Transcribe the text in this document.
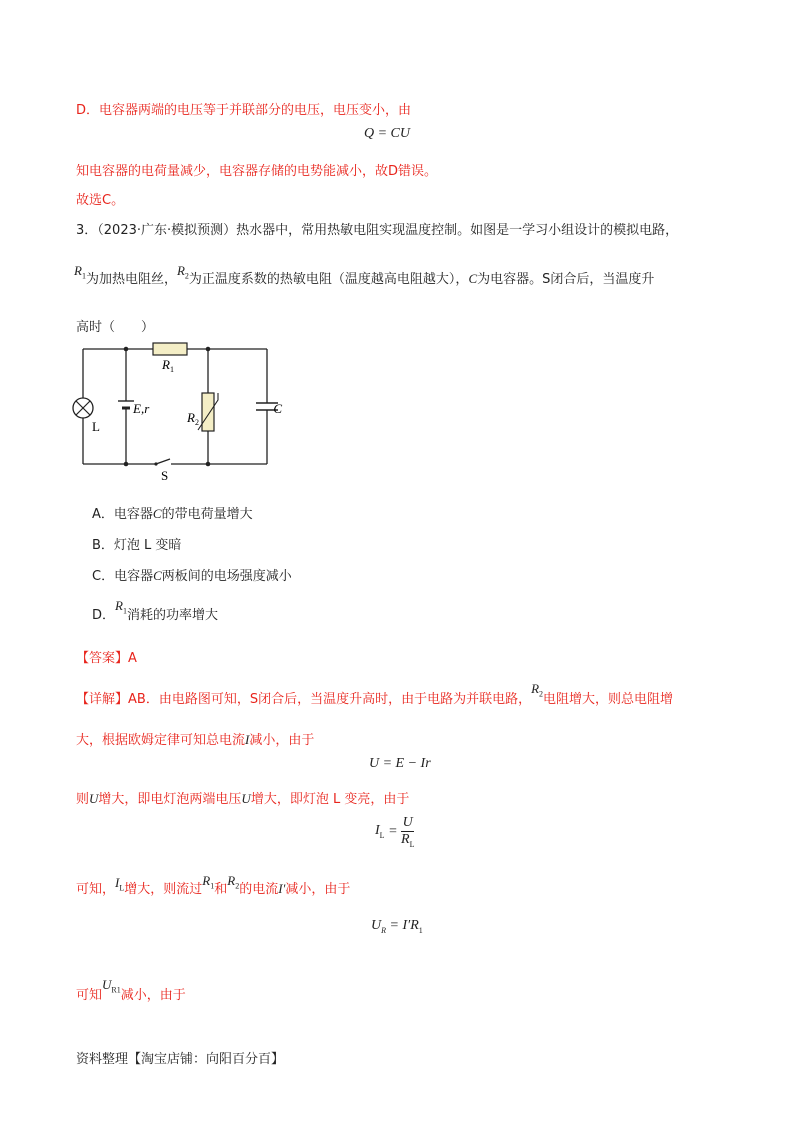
D．电容器两端的电压等于并联部分的电压，电压变小，由
Q = CU
知电容器的电荷量减少，电容器存储的电势能减小，故D错误。
故选C。
3．（2023·广东·模拟预测）热水器中，常用热敏电阻实现温度控制。如图是一学习小组设计的模拟电路，
$R_1$为加热电阻丝，$R_2$为正温度系数的热敏电阻（温度越高电阻越大），C为电容器。S闭合后，当温度升
高时（　　）
$R_1$
E,r
$R_2$
C
L
S
A．电容器C的带电荷量增大
B．灯泡 L 变暗
C．电容器C两板间的电场强度减小
D．$R_1$消耗的功率增大
【答案】A
【详解】AB．由电路图可知，S闭合后，当温度升高时，由于电路为并联电路，$R_2$电阻增大，则总电阻增
大，根据欧姆定律可知总电流I减小，由于
U = E − Ir
则U增大，即电灯泡两端电压U增大，即灯泡 L 变亮，由于
$I_L = \frac{U}{R_L}$
可知，$I_L$增大，则流过$R_1$和$R_2$的电流I′减小，由于
$U_R = I'R_1$
可知$U_{R1}$减小，由于
资料整理【淘宝店铺：向阳百分百】
